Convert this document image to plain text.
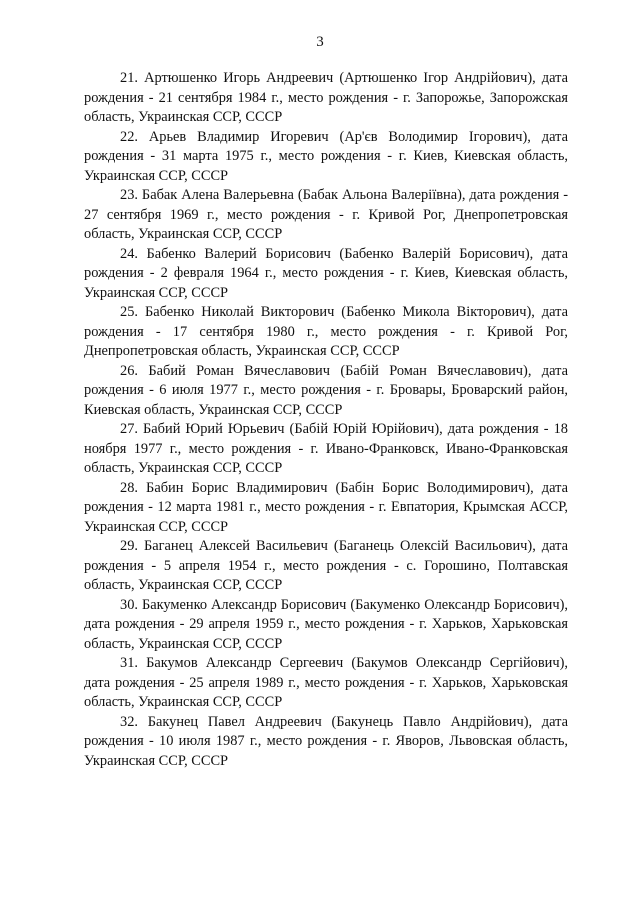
3

21. Артюшенко Игорь Андреевич (Артюшенко Ігор Андрійович), дата рождения - 21 сентября 1984 г., место рождения - г. Запорожье, Запорожская область, Украинская ССР, СССР

22. Арьев Владимир Игоревич (Ар'єв Володимир Ігорович), дата рождения - 31 марта 1975 г., место рождения - г. Киев, Киевская область, Украинская ССР, СССР

23. Бабак Алена Валерьевна (Бабак Альона Валеріївна), дата рождения - 27 сентября 1969 г., место рождения - г. Кривой Рог, Днепропетровская область, Украинская ССР, СССР

24. Бабенко Валерий Борисович (Бабенко Валерій Борисович), дата рождения - 2 февраля 1964 г., место рождения - г. Киев, Киевская область, Украинская ССР, СССР

25. Бабенко Николай Викторович (Бабенко Микола Вікторович), дата рождения - 17 сентября 1980 г., место рождения - г. Кривой Рог, Днепропетровская область, Украинская ССР, СССР

26. Бабий Роман Вячеславович (Бабій Роман Вячеславович), дата рождения - 6 июля 1977 г., место рождения - г. Бровары, Броварский район, Киевская область, Украинская ССР, СССР

27. Бабий Юрий Юрьевич (Бабій Юрій Юрійович), дата рождения - 18 ноября 1977 г., место рождения - г. Ивано-Франковск, Ивано-Франковская область, Украинская ССР, СССР

28. Бабин Борис Владимирович (Бабін Борис Володимирович), дата рождения - 12 марта 1981 г., место рождения - г. Евпатория, Крымская АССР, Украинская ССР, СССР

29. Баганец Алексей Васильевич (Баганець Олексій Васильович), дата рождения - 5 апреля 1954 г., место рождения - с. Горошино, Полтавская область, Украинская ССР, СССР

30. Бакуменко Александр Борисович (Бакуменко Олександр Борисович), дата рождения - 29 апреля 1959 г., место рождения - г. Харьков, Харьковская область, Украинская ССР, СССР

31. Бакумов Александр Сергеевич (Бакумов Олександр Сергійович), дата рождения - 25 апреля 1989 г., место рождения - г. Харьков, Харьковская область, Украинская ССР, СССР

32. Бакунец Павел Андреевич (Бакунець Павло Андрійович), дата рождения - 10 июля 1987 г., место рождения - г. Яворов, Львовская область, Украинская ССР, СССР
